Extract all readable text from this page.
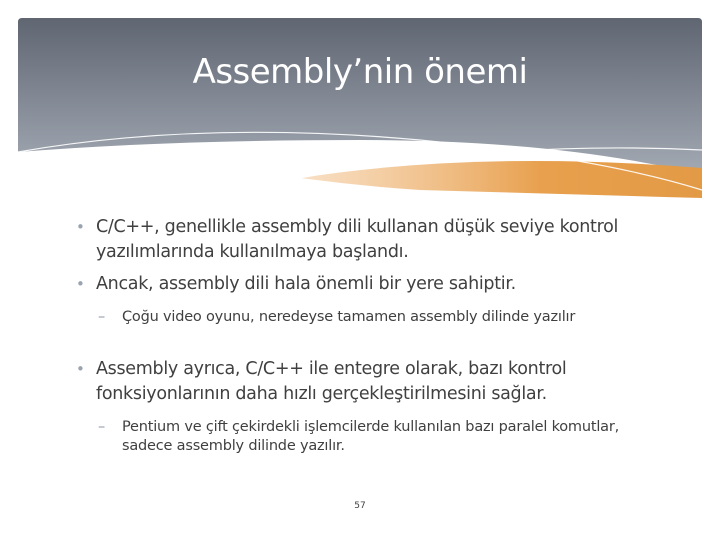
Assembly’nin önemi
• C/C++, genellikle assembly dili kullanan düşük seviye kontrol yazılımlarında kullanılmaya başlandı.
• Ancak, assembly dili hala önemli bir yere sahiptir.
– Çoğu video oyunu, neredeyse tamamen assembly dilinde yazılır
• Assembly ayrıca, C/C++ ile entegre olarak, bazı kontrol fonksiyonlarının daha hızlı gerçekleştirilmesini sağlar.
– Pentium ve çift çekirdekli işlemcilerde kullanılan bazı paralel komutlar, sadece assembly dilinde yazılır.
57
